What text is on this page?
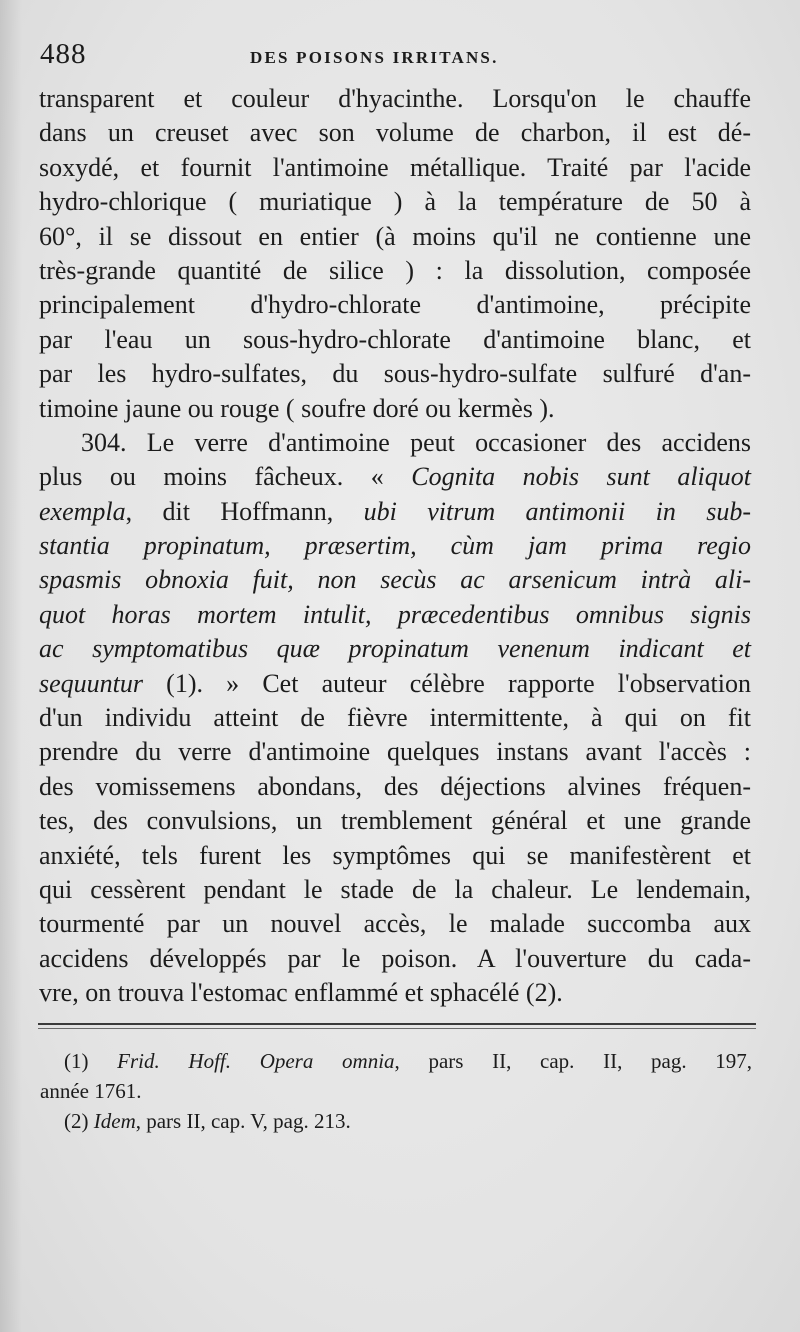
488	DES POISONS IRRITANS.
transparent et couleur d'hyacinthe. Lorsqu'on le chauffe
dans un creuset avec son volume de charbon, il est dé-
soxydé, et fournit l'antimoine métallique. Traité par l'acide
hydro-chlorique ( muriatique ) à la température de 50 à
60°, il se dissout en entier (à moins qu'il ne contienne une
très-grande quantité de silice ) : la dissolution, composée
principalement d'hydro-chlorate d'antimoine, précipite
par l'eau un sous-hydro-chlorate d'antimoine blanc, et
par les hydro-sulfates, du sous-hydro-sulfate sulfuré d'an-
timoine jaune ou rouge ( soufre doré ou kermès ).
304. Le verre d'antimoine peut occasioner des accidens
plus ou moins fâcheux. « Cognita nobis sunt aliquot
exempla, dit Hoffmann, ubi vitrum antimonii in sub-
stantia propinatum, præsertim, cùm jam prima regio
spasmis obnoxia fuit, non secùs ac arsenicum intrà ali-
quot horas mortem intulit, præcedentibus omnibus signis
ac symptomatibus quæ propinatum venenum indicant et
sequuntur (1). » Cet auteur célèbre rapporte l'observation
d'un individu atteint de fièvre intermittente, à qui on fit
prendre du verre d'antimoine quelques instans avant l'accès :
des vomissemens abondans, des déjections alvines fréquen-
tes, des convulsions, un tremblement général et une grande
anxiété, tels furent les symptômes qui se manifestèrent et
qui cessèrent pendant le stade de la chaleur. Le lendemain,
tourmenté par un nouvel accès, le malade succomba aux
accidens développés par le poison. A l'ouverture du cada-
vre, on trouva l'estomac enflammé et sphacélé (2).
(1) Frid. Hoff. Opera omnia, pars II, cap. II, pag. 197,
année 1761.
(2) Idem, pars II, cap. V, pag. 213.
